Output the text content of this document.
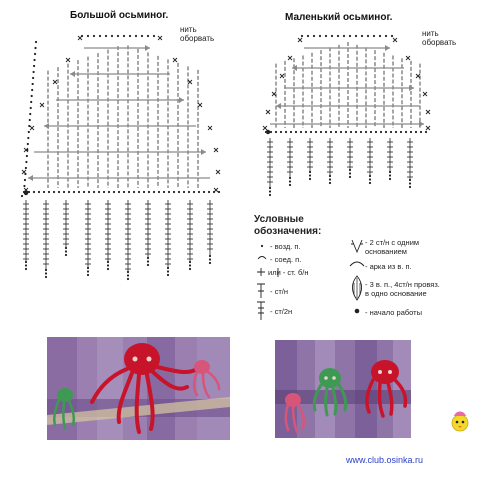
Большой осьминог.	Маленький осьминог.
нить
оборвать
нить
оборвать
Условные
обозначения:
- возд. п.
- соед. п.
или - ст. б/н
- ст/н
- ст/2н
- 2 ст/н с одним
основанием
- арка из в. п.
- 3 в. п., 4ст/н провяз.
в одно основание
- начало работы
www.club.osinka.ru
